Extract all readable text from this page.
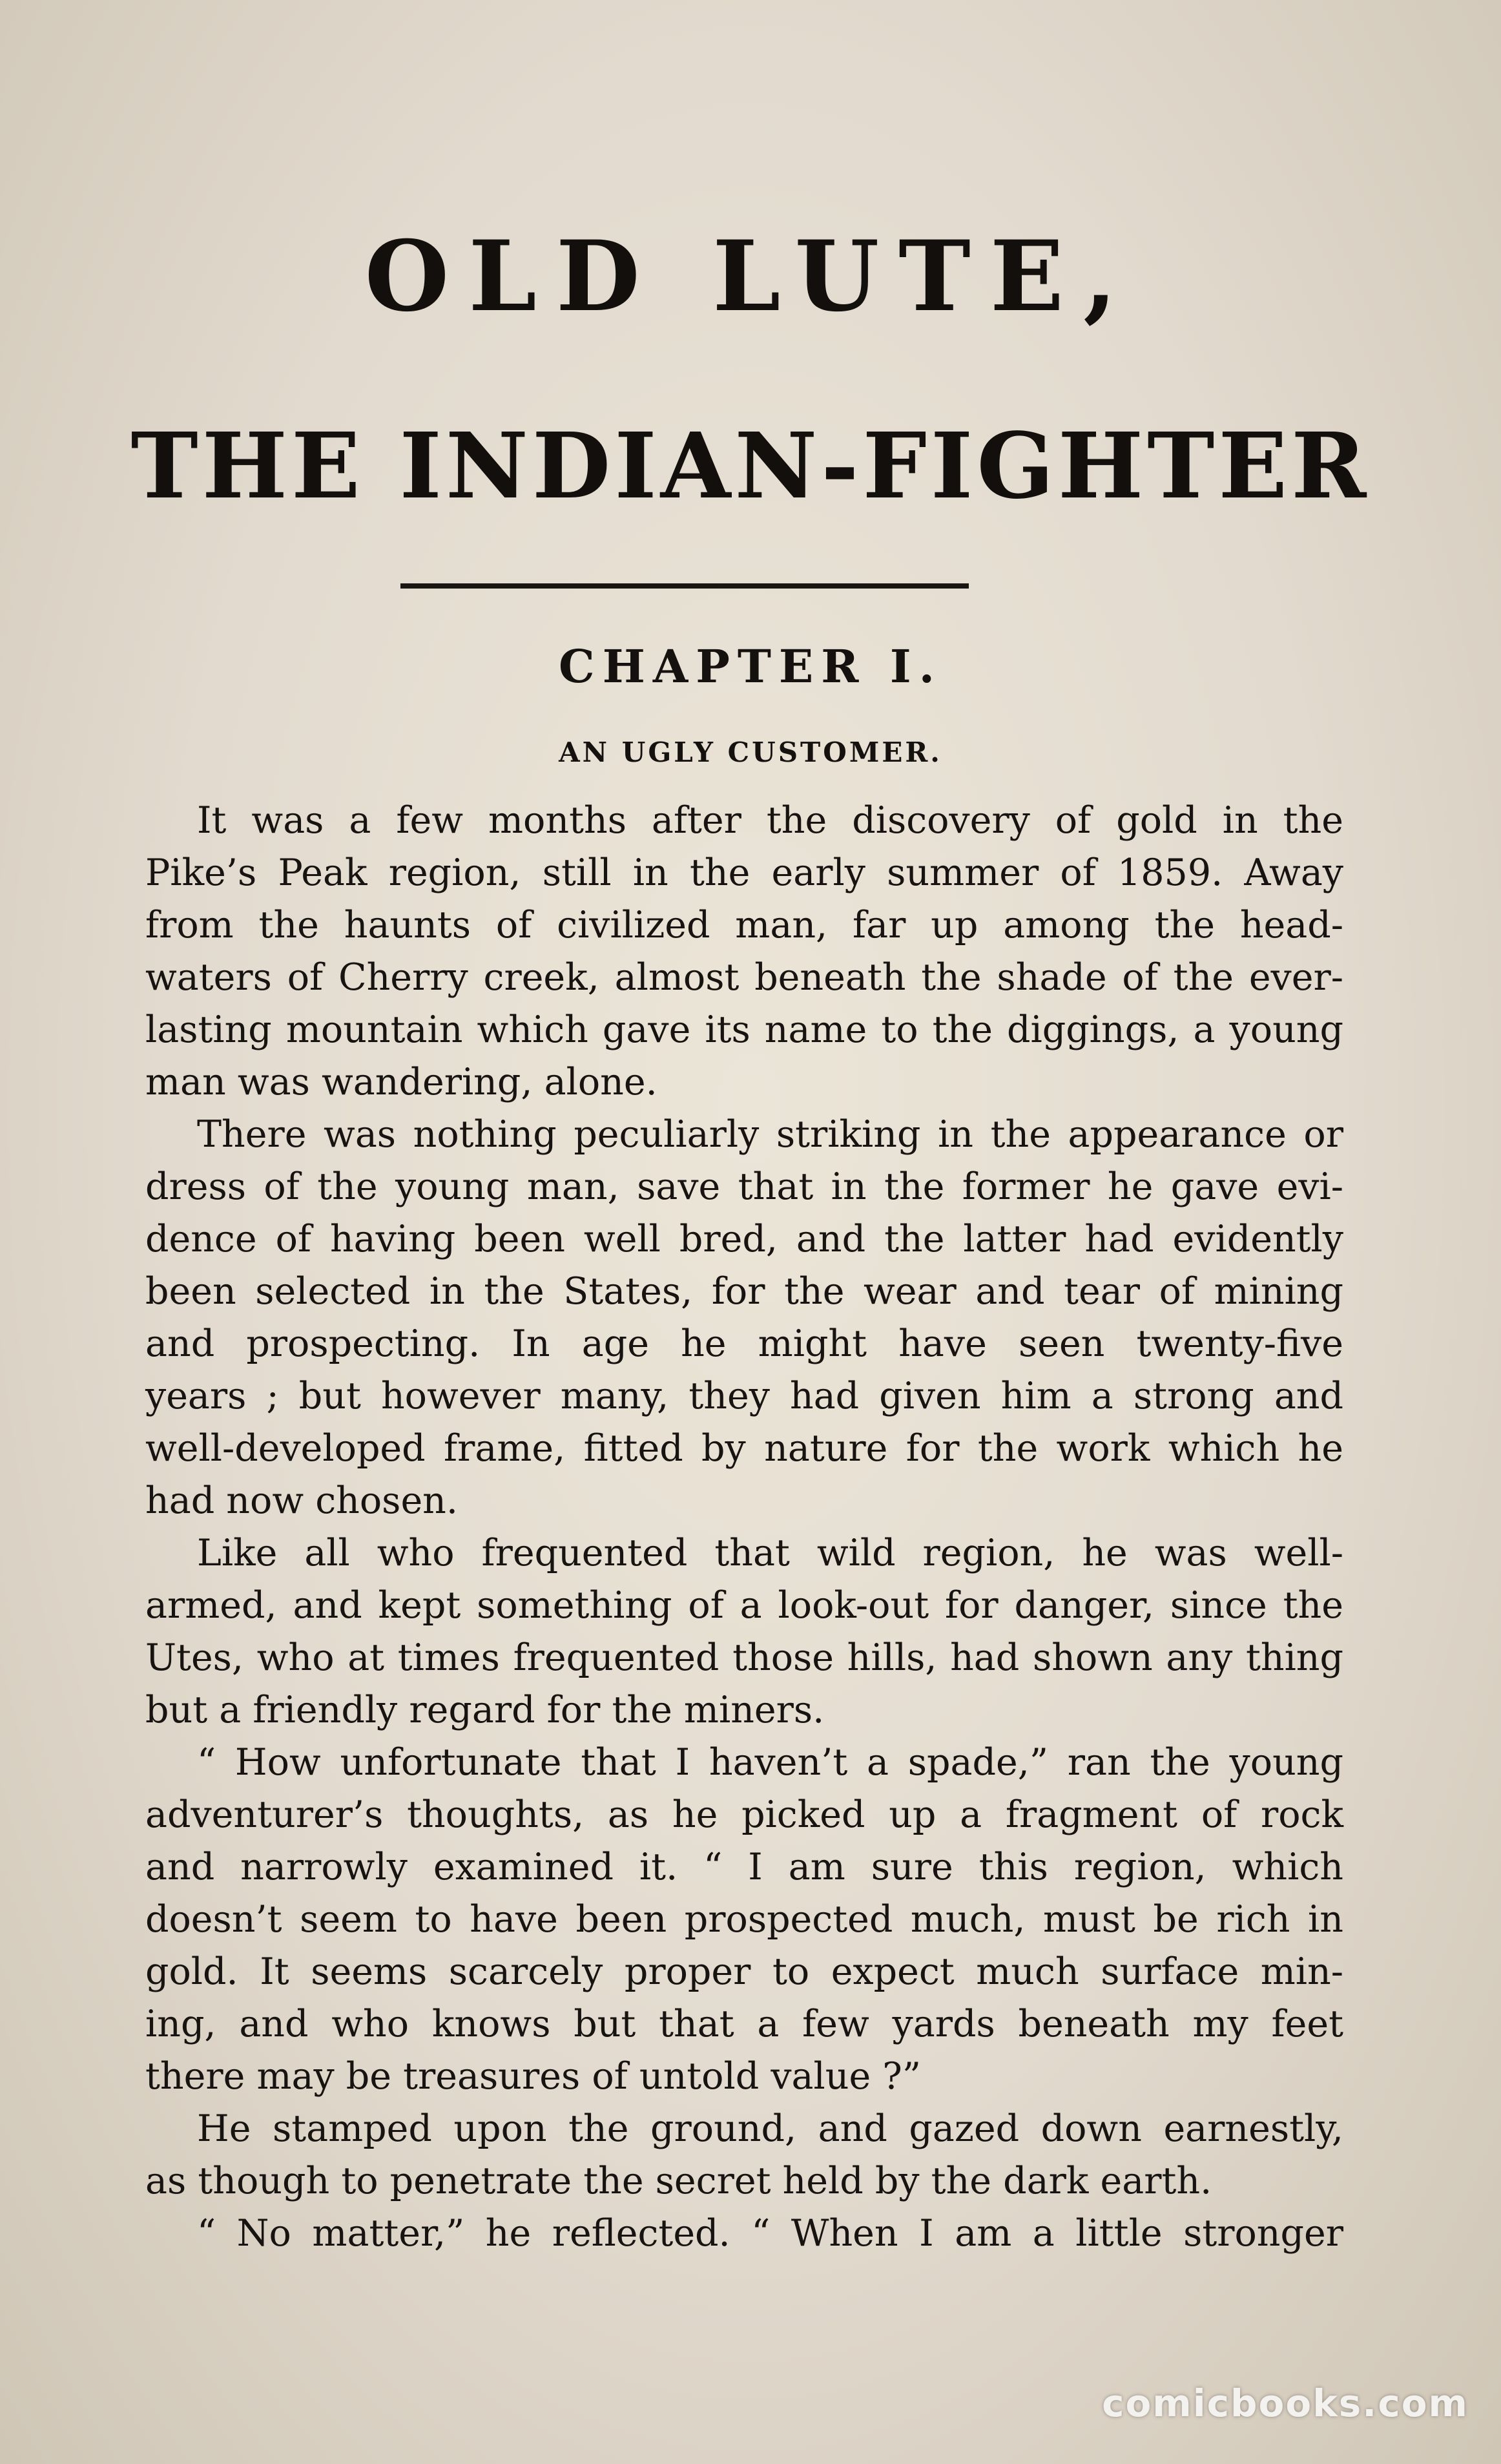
OLD LUTE,
THE INDIAN-FIGHTER
CHAPTER I.
AN UGLY CUSTOMER.
It was a few months after the discovery of gold in the
Pike’s Peak region, still in the early summer of 1859. Away
from the haunts of civilized man, far up among the head-
waters of Cherry creek, almost beneath the shade of the ever-
lasting mountain which gave its name to the diggings, a young
man was wandering, alone.
There was nothing peculiarly striking in the appearance or
dress of the young man, save that in the former he gave evi-
dence of having been well bred, and the latter had evidently
been selected in the States, for the wear and tear of mining
and prospecting. In age he might have seen twenty-five
years ; but however many, they had given him a strong and
well-developed frame, fitted by nature for the work which he
had now chosen.
Like all who frequented that wild region, he was well-
armed, and kept something of a look-out for danger, since the
Utes, who at times frequented those hills, had shown any thing
but a friendly regard for the miners.
“ How unfortunate that I haven’t a spade,” ran the young
adventurer’s thoughts, as he picked up a fragment of rock
and narrowly examined it. “ I am sure this region, which
doesn’t seem to have been prospected much, must be rich in
gold. It seems scarcely proper to expect much surface min-
ing, and who knows but that a few yards beneath my feet
there may be treasures of untold value ?”
He stamped upon the ground, and gazed down earnestly,
as though to penetrate the secret held by the dark earth.
“ No matter,” he reflected. “ When I am a little stronger
comicbooks.com
